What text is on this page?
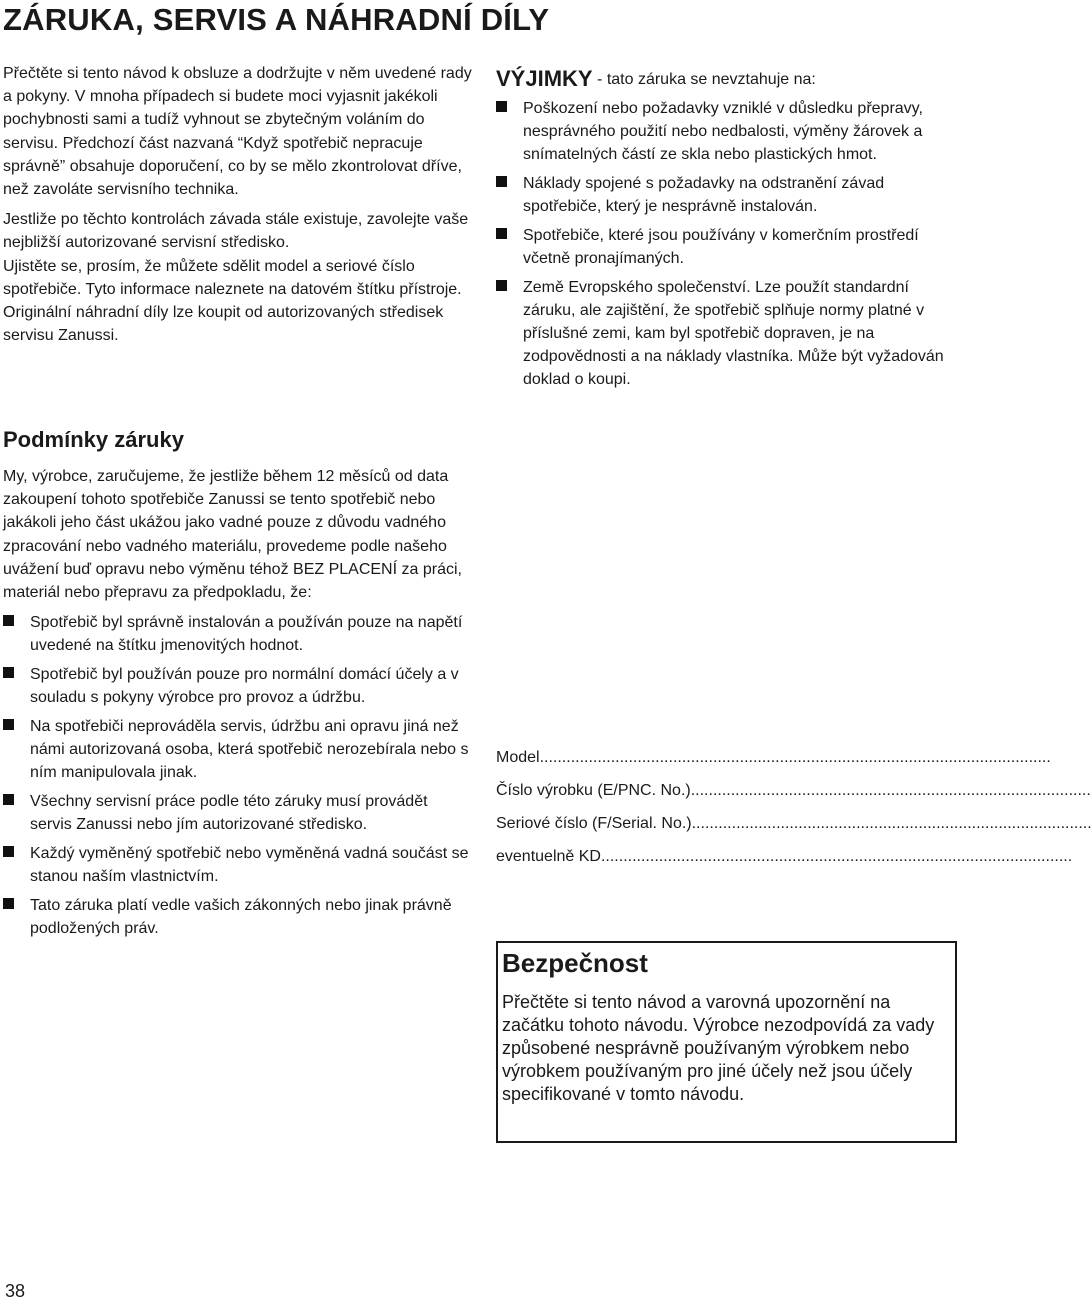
ZÁRUKA, SERVIS A NÁHRADNÍ DÍLY

Přečtěte si tento návod k obsluze a dodržujte v něm uvedené rady a pokyny. V mnoha případech si budete moci vyjasnit jakékoli pochybnosti sami a tudíž vyhnout se zbytečným voláním do servisu. Předchozí část nazvaná “Když spotřebič nepracuje správně” obsahuje doporučení, co by se mělo zkontrolovat dříve, než zavoláte servisního technika.

Jestliže po těchto kontrolách závada stále existuje, zavolejte vaše nejbližší autorizované servisní středisko.

Ujistěte se, prosím, že můžete sdělit model a seriové číslo spotřebiče. Tyto informace naleznete na datovém štítku přístroje.

Originální náhradní díly lze koupit od autorizovaných středisek servisu Zanussi.

VÝJIMKY - tato záruka se nevztahuje na:

Poškození nebo požadavky vzniklé v důsledku přepravy, nesprávného použití nebo nedbalosti, výměny žárovek a snímatelných částí ze skla nebo plastických hmot.
Náklady spojené s požadavky na odstranění závad spotřebiče, který je nesprávně instalován.
Spotřebiče, které jsou používány v komerčním prostředí včetně pronajímaných.
Země Evropského společenství. Lze použít standardní záruku, ale zajištění, že spotřebič splňuje normy platné v příslušné zemi, kam byl spotřebič dopraven, je na zodpovědnosti a na náklady vlastníka. Může být vyžadován doklad o koupi.
Podmínky záruky

My, výrobce, zaručujeme, že jestliže během 12 měsíců od data zakoupení tohoto spotřebiče Zanussi se tento spotřebič nebo jakákoli jeho část ukážou jako vadné pouze z důvodu vadného zpracování nebo vadného materiálu, provedeme podle našeho uvážení buď opravu nebo výměnu téhož BEZ PLACENÍ za práci, materiál nebo přepravu za předpokladu, že:

Spotřebič byl správně instalován a používán pouze na napětí uvedené na štítku jmenovitých hodnot.
Spotřebič byl používán pouze pro normální domácí účely a v souladu s pokyny výrobce pro provoz a údržbu.
Na spotřebiči neprováděla servis, údržbu ani opravu jiná než námi autorizovaná osoba, která spotřebič nerozebírala nebo s ním manipulovala jinak.
Všechny servisní práce podle této záruky musí provádět servis Zanussi nebo jím autorizované středisko.
Každý vyměněný spotřebič nebo vyměněná vadná součást se stanou naším vlastnictvím.
Tato záruka platí vedle vašich zákonných nebo jinak právně podložených práv.
Model ...................................................................................................................
Číslo výrobku (E/PNC. No.) ..........................................................................................
Seriové číslo (F/Serial. No.) ..........................................................................................
eventuelně KD ..........................................................................................................
Bezpečnost

Přečtěte si tento návod a varovná upozornění na začátku tohoto návodu. Výrobce nezodpovídá za vady způsobené nesprávně používaným výrobkem nebo výrobkem používaným pro jiné účely než jsou účely specifikované v tomto návodu.

38
